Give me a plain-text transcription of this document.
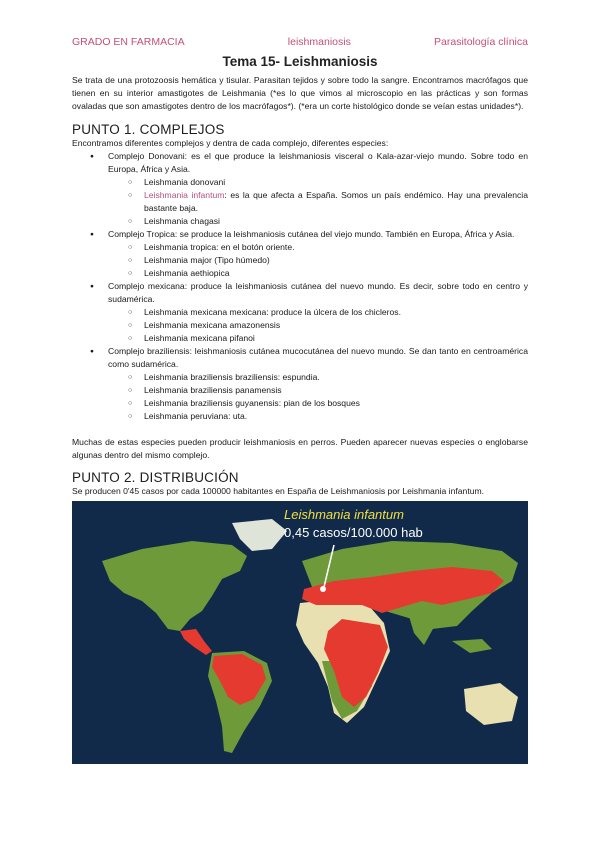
GRADO EN FARMACIA	leishmaniosis	Parasitología clínica
Tema 15- Leishmaniosis

Se trata de una protozoosis hemática y tisular. Parasitan tejidos y sobre todo la sangre. Encontramos macrófagos que tienen en su interior amastigotes de Leishmania (*es lo que vimos al microscopio en las prácticas y son formas ovaladas que son amastigotes dentro de los macrófagos*). (*era un corte histológico donde se veían estas unidades*).

PUNTO 1. COMPLEJOS

Encontramos diferentes complejos y dentra de cada complejo, diferentes especies:

● Complejo Donovani: es el que produce la leishmaniosis visceral o Kala-azar-viejo mundo. Sobre todo en Europa, África y Asia.
○ Leishmania donovani
○ Leishmania infantum: es la que afecta a España. Somos un país endémico. Hay una prevalencia bastante baja.
○ Leishmania chagasi
● Complejo Tropica: se produce la leishmaniosis cutánea del viejo mundo. También en Europa, África y Asia.
○ Leishmania tropica: en el botón oriente.
○ Leishmania major (Tipo húmedo)
○ Leishmania aethiopica
● Complejo mexicana: produce la leishmaniosis cutánea del nuevo mundo. Es decir, sobre todo en centro y sudamérica.
○ Leishmania mexicana mexicana: produce la úlcera de los chicleros.
○ Leishmania mexicana amazonensis
○ Leishmania mexicana pifanoi
● Complejo braziliensis: leishmaniosis cutánea mucocutánea del nuevo mundo. Se dan tanto en centroamérica como sudamérica.
○ Leishmania braziliensis braziliensis: espundia.
○ Leishmania braziliensis panamensis
○ Leishmania braziliensis guyanensis: pian de los bosques
○ Leishmania peruviana: uta.

Muchas de estas especies pueden producir leishmaniosis en perros. Pueden aparecer nuevas especies o englobarse algunas dentro del mismo complejo.

PUNTO 2. DISTRIBUCIÓN

Se producen 0'45 casos por cada 100000 habitantes en España de Leishmaniosis por Leishmania infantum.

Leishmania infantum
0,45 casos/100.000 hab
